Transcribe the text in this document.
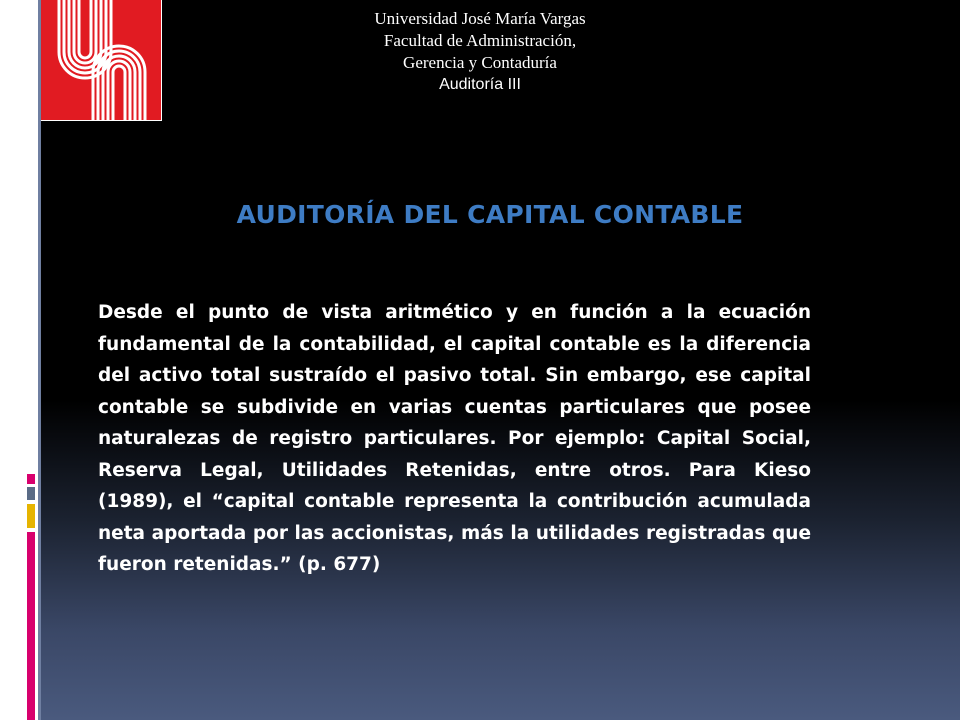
Universidad José María Vargas
Facultad de Administración,
Gerencia y Contaduría
Auditoría III
AUDITORÍA DEL CAPITAL CONTABLE

Desde el punto de vista aritmético y en función a la ecuación fundamental de la contabilidad, el capital contable es la diferencia del activo total sustraído el pasivo total. Sin embargo, ese capital contable se subdivide en varias cuentas particulares que posee naturalezas de registro particulares. Por ejemplo: Capital Social, Reserva Legal, Utilidades Retenidas, entre otros. Para Kieso (1989), el “capital contable representa la contribución acumulada neta aportada por las accionistas, más la utilidades registradas que fueron retenidas.” (p. 677)
